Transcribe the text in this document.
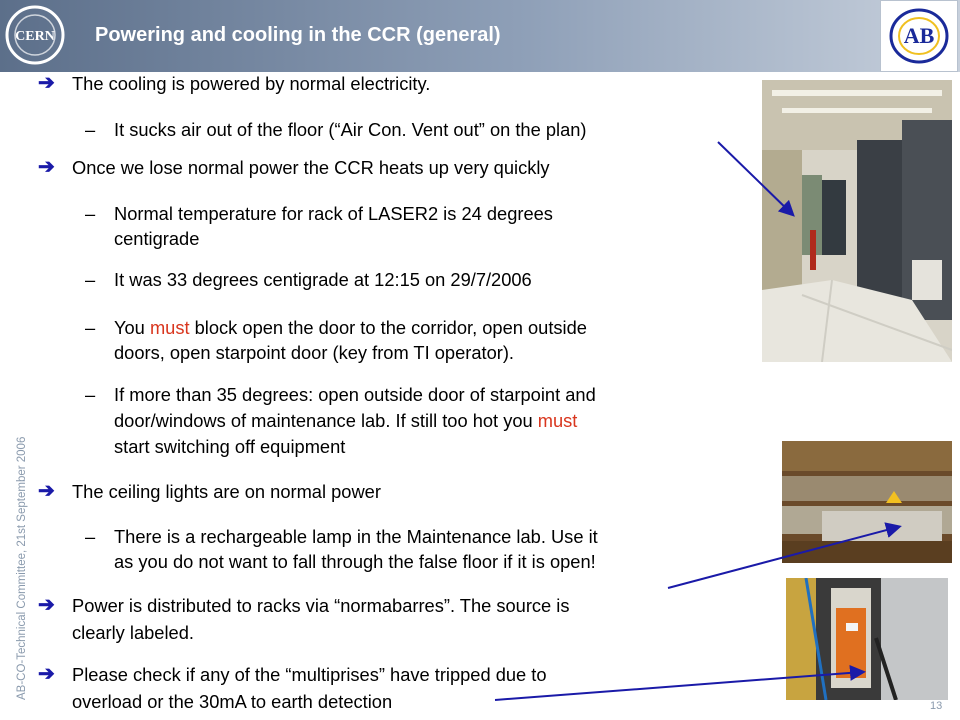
CERN Powering and cooling in the CCR (general)	AB
AB-CO-Technical Committee, 21st September 2006
➔ The cooling is powered by normal electricity.
– It sucks air out of the floor (“Air Con. Vent out” on the plan)
➔ Once we lose normal power the CCR heats up very quickly
– Normal temperature for rack of LASER2 is 24 degrees
centigrade
– It was 33 degrees centigrade at 12:15 on 29/7/2006
– You must block open the door to the corridor, open outside
doors, open starpoint door (key from TI operator).
– If more than 35 degrees: open outside door of starpoint and
door/windows of maintenance lab. If still too hot you must
start switching off equipment
➔ The ceiling lights are on normal power
– There is a rechargeable lamp in the Maintenance lab. Use it
as you do not want to fall through the false floor if it is open!
➔ Power is distributed to racks via “normabarres”. The source is
clearly labeled.
➔ Please check if any of the “multiprises” have tripped due to
overload or the 30mA to earth detection	13
